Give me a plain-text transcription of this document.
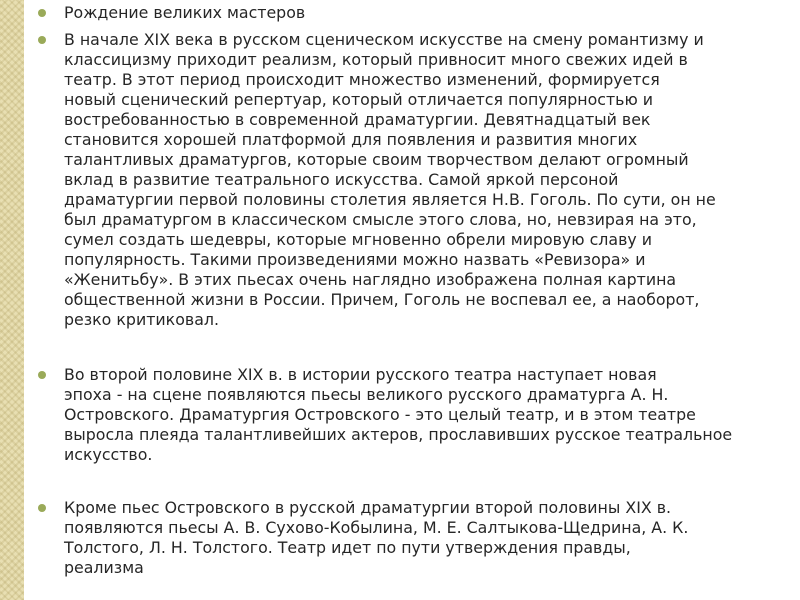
Рождение великих мастеров
В начале XIX века в русском сценическом искусстве на смену романтизму и
классицизму приходит реализм, который привносит много свежих идей в
театр. В этот период происходит множество изменений, формируется
новый сценический репертуар, который отличается популярностью и
востребованностью в современной драматургии. Девятнадцатый век
становится хорошей платформой для появления и развития многих
талантливых драматургов, которые своим творчеством делают огромный
вклад в развитие театрального искусства. Самой яркой персоной
драматургии первой половины столетия является Н.В. Гоголь. По сути, он не
был драматургом в классическом смысле этого слова, но, невзирая на это,
сумел создать шедевры, которые мгновенно обрели мировую славу и
популярность. Такими произведениями можно назвать «Ревизора» и
«Женитьбу». В этих пьесах очень наглядно изображена полная картина
общественной жизни в России. Причем, Гоголь не воспевал ее, а наоборот,
резко критиковал.
Во второй половине XIX в. в истории русского театра наступает новая
эпоха - на сцене появляются пьесы великого русского драматурга А. Н.
Островского. Драматургия Островского - это целый театр, и в этом театре
выросла плеяда талантливейших актеров, прославивших русское театральное
искусство.
Кроме пьес Островского в русской драматургии второй половины XIX в.
появляются пьесы А. В. Сухово-Кобылина, М. Е. Салтыкова-Щедрина, А. К.
Толстого, Л. Н. Толстого. Театр идет по пути утверждения правды,
реализма
